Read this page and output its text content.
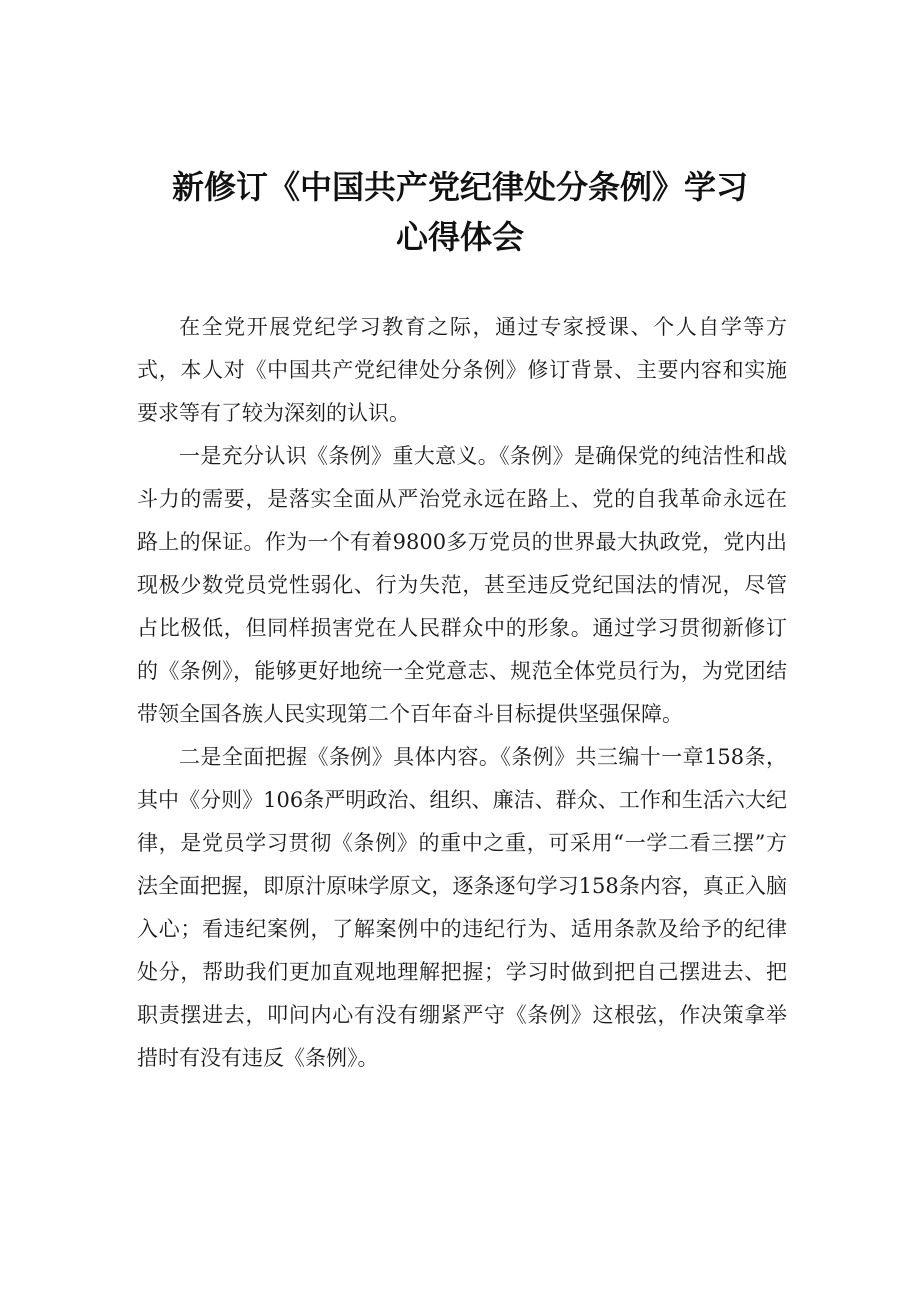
新修订《中国共产党纪律处分条例》学习
心得体会

在全党开展党纪学习教育之际，通过专家授课、个人自学等方式，本人对《中国共产党纪律处分条例》修订背景、主要内容和实施要求等有了较为深刻的认识。

一是充分认识《条例》重大意义。《条例》是确保党的纯洁性和战斗力的需要，是落实全面从严治党永远在路上、党的自我革命永远在路上的保证。作为一个有着9800多万党员的世界最大执政党，党内出现极少数党员党性弱化、行为失范，甚至违反党纪国法的情况，尽管占比极低，但同样损害党在人民群众中的形象。通过学习贯彻新修订的《条例》，能够更好地统一全党意志、规范全体党员行为，为党团结带领全国各族人民实现第二个百年奋斗目标提供坚强保障。

二是全面把握《条例》具体内容。《条例》共三编十一章158条，其中《分则》106条严明政治、组织、廉洁、群众、工作和生活六大纪律，是党员学习贯彻《条例》的重中之重，可采用“一学二看三摆”方法全面把握，即原汁原味学原文，逐条逐句学习158条内容，真正入脑入心；看违纪案例，了解案例中的违纪行为、适用条款及给予的纪律处分，帮助我们更加直观地理解把握；学习时做到把自己摆进去、把职责摆进去，叩问内心有没有绷紧严守《条例》这根弦，作决策拿举措时有没有违反《条例》。
